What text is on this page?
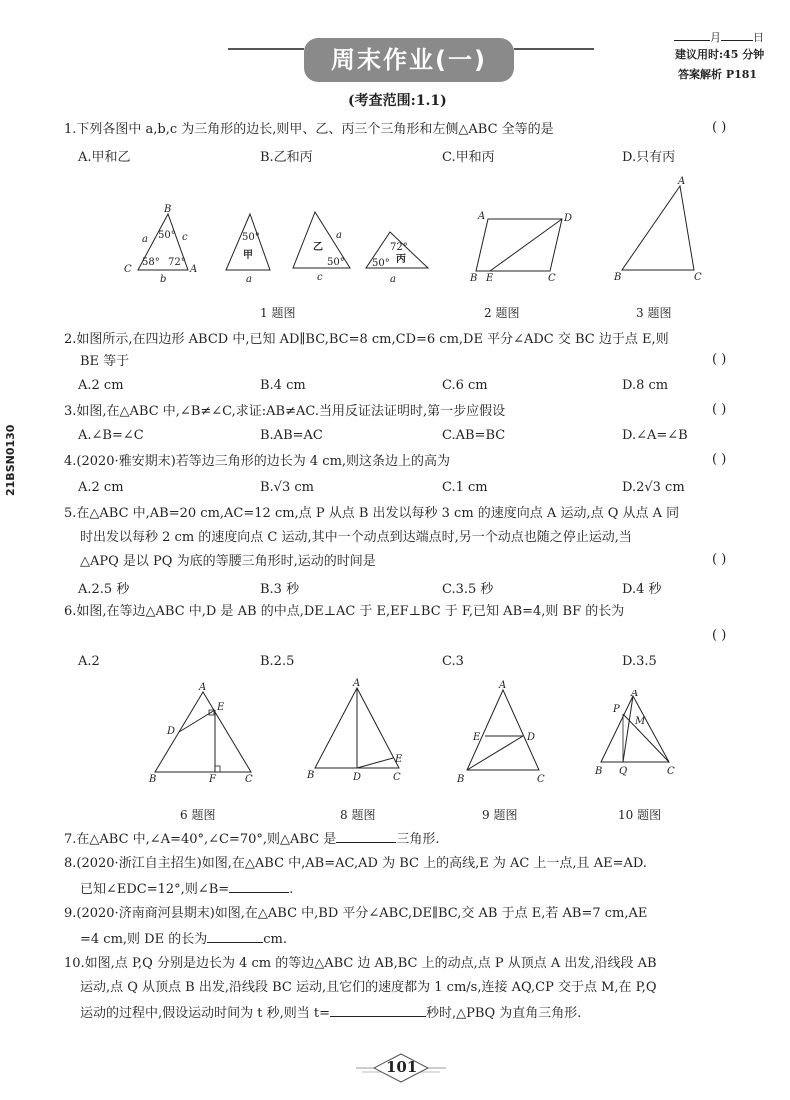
周末作业(一)
月	日
建议用时:45 分钟
答案解析 P181
(考查范围:1.1)
21BSN0130
1.下列各图中 a,b,c 为三角形的边长,则甲、乙、丙三个三角形和左侧△ABC 全等的是	( )
A.甲和乙	B.乙和丙	C.甲和丙	D.只有丙
B
C	A
a	c
b
50°
58° 72°
50°
甲
a
乙
a
c
50°
72°
丙
50°
a
A	D
B E	C
A
B	C
1 题图	2 题图	3 题图
2.如图所示,在四边形 ABCD 中,已知 AD∥BC,BC=8 cm,CD=6 cm,DE 平分∠ADC 交 BC 边于点 E,则
BE 等于	( )
A.2 cm	B.4 cm	C.6 cm	D.8 cm
3.如图,在△ABC 中,∠B≠∠C,求证:AB≠AC.当用反证法证明时,第一步应假设	( )
A.∠B=∠C	B.AB=AC	C.AB=BC	D.∠A=∠B
4.(2020·雅安期末)若等边三角形的边长为 4 cm,则这条边上的高为	( )
A.2 cm	B.√3 cm	C.1 cm	D.2√3 cm
5.在△ABC 中,AB=20 cm,AC=12 cm,点 P 从点 B 出发以每秒 3 cm 的速度向点 A 运动,点 Q 从点 A 同
时出发以每秒 2 cm 的速度向点 C 运动,其中一个动点到达端点时,另一个动点也随之停止运动,当
△APQ 是以 PQ 为底的等腰三角形时,运动的时间是	( )
A.2.5 秒	B.3 秒	C.3.5 秒	D.4 秒
6.如图,在等边△ABC 中,D 是 AB 的中点,DE⊥AC 于 E,EF⊥BC 于 F,已知 AB=4,则 BF 的长为
( )
A.2	B.2.5	C.3	D.3.5
A
D
E
B	F	C
A
B	D
E
C
A
E	D
B	C
A
P
M
B Q	C
6 题图	8 题图	9 题图	10 题图
7.在△ABC 中,∠A=40°,∠C=70°,则△ABC 是	三角形.
8.(2020·浙江自主招生)如图,在△ABC 中,AB=AC,AD 为 BC 上的高线,E 为 AC 上一点,且 AE=AD.
已知∠EDC=12°,则∠B=	.
9.(2020·济南商河县期末)如图,在△ABC 中,BD 平分∠ABC,DE∥BC,交 AB 于点 E,若 AB=7 cm,AE
=4 cm,则 DE 的长为	cm.
10.如图,点 P,Q 分别是边长为 4 cm 的等边△ABC 边 AB,BC 上的动点,点 P 从顶点 A 出发,沿线段 AB
运动,点 Q 从顶点 B 出发,沿线段 BC 运动,且它们的速度都为 1 cm/s,连接 AQ,CP 交于点 M,在 P,Q
运动的过程中,假设运动时间为 t 秒,则当 t=	秒时,△PBQ 为直角三角形.
101
